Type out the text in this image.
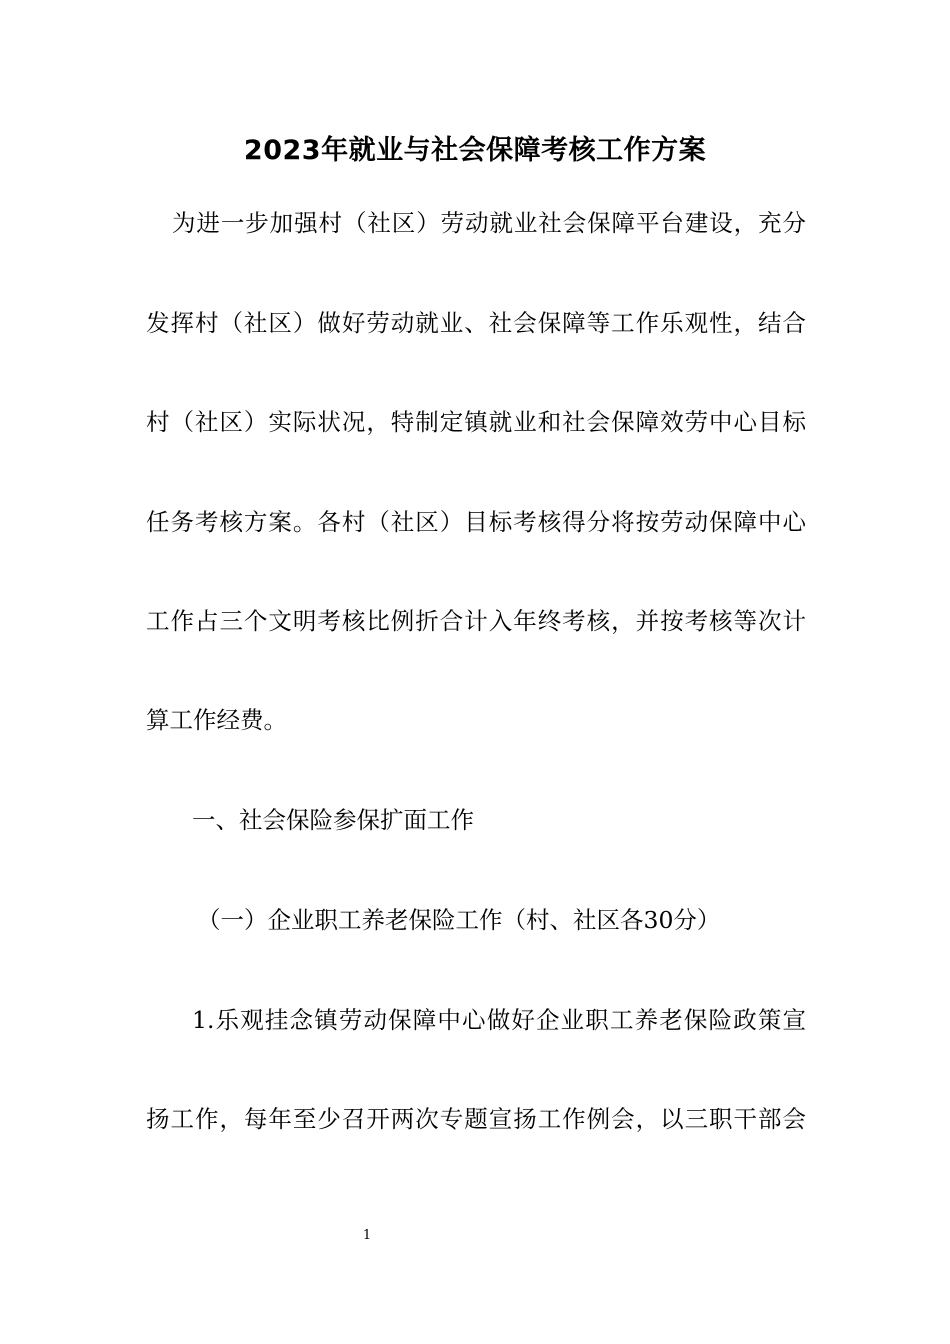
2023年就业与社会保障考核工作方案
为进一步加强村（社区）劳动就业社会保障平台建设，充分
发挥村（社区）做好劳动就业、社会保障等工作乐观性，结合
村（社区）实际状况，特制定镇就业和社会保障效劳中心目标
任务考核方案。各村（社区）目标考核得分将按劳动保障中心
工作占三个文明考核比例折合计入年终考核，并按考核等次计
算工作经费。
一、社会保险参保扩面工作
（一）企业职工养老保险工作（村、社区各30分）
1.乐观挂念镇劳动保障中心做好企业职工养老保险政策宣
扬工作，每年至少召开两次专题宣扬工作例会，以三职干部会
1
